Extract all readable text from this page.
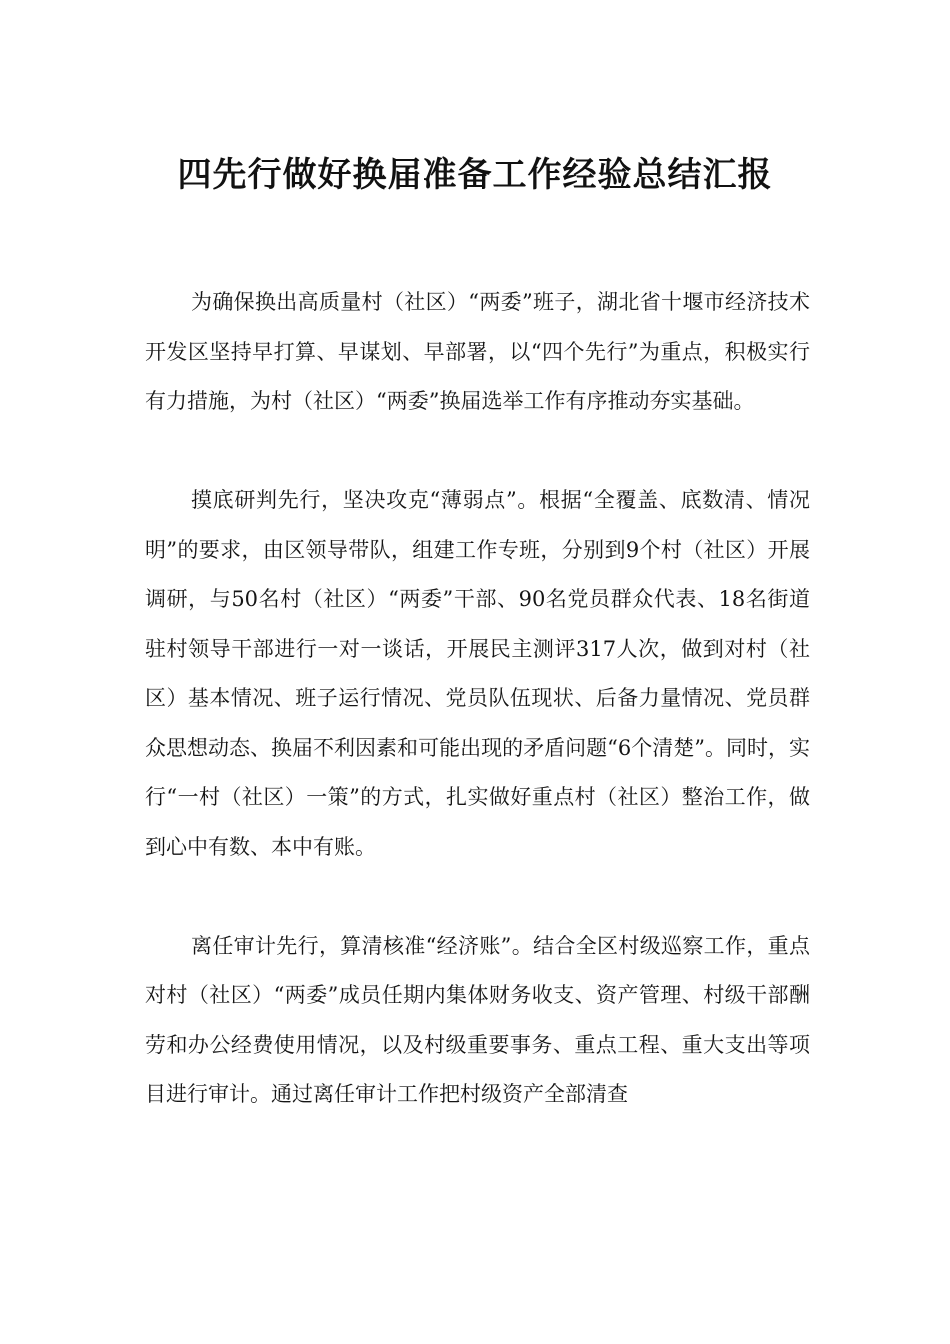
四先行做好换届准备工作经验总结汇报

为确保换出高质量村（社区）“两委”班子，湖北省十堰市经济技术开发区坚持早打算、早谋划、早部署，以“四个先行”为重点，积极实行有力措施，为村（社区）“两委”换届选举工作有序推动夯实基础。

摸底研判先行，坚决攻克“薄弱点”。根据“全覆盖、底数清、情况明”的要求，由区领导带队，组建工作专班，分别到9个村（社区）开展调研，与50名村（社区）“两委”干部、90名党员群众代表、18名街道驻村领导干部进行一对一谈话，开展民主测评317人次，做到对村（社区）基本情况、班子运行情况、党员队伍现状、后备力量情况、党员群众思想动态、换届不利因素和可能出现的矛盾问题“6个清楚”。同时，实行“一村（社区）一策”的方式，扎实做好重点村（社区）整治工作，做到心中有数、本中有账。

离任审计先行，算清核准“经济账”。结合全区村级巡察工作，重点对村（社区）“两委”成员任期内集体财务收支、资产管理、村级干部酬劳和办公经费使用情况，以及村级重要事务、重点工程、重大支出等项目进行审计。通过离任审计工作把村级资产全部清查
